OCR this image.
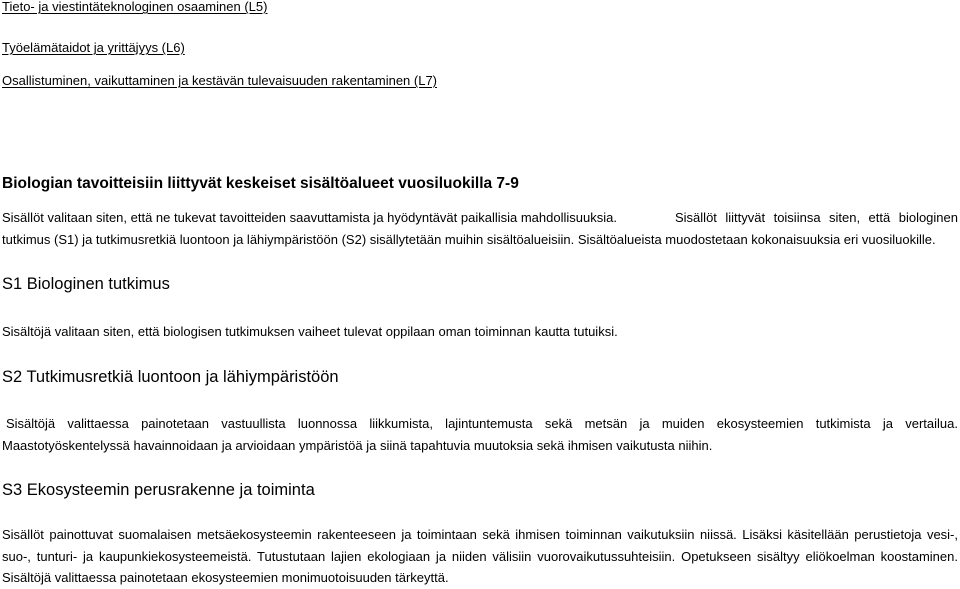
Tieto- ja viestintäteknologinen osaaminen (L5)

Työelämätaidot ja yrittäjyys (L6)

Osallistuminen, vaikuttaminen ja kestävän tulevaisuuden rakentaminen (L7)

Biologian tavoitteisiin liittyvät keskeiset sisältöalueet vuosiluokilla 7-9

Sisällöt valitaan siten, että ne tukevat tavoitteiden saavuttamista ja hyödyntävät paikallisia mahdollisuuksia.	Sisällöt liittyvät toisiinsa siten, että biologinen tutkimus (S1) ja tutkimusretkiä luontoon ja lähiympäristöön (S2) sisällytetään muihin sisältöalueisiin. Sisältöalueista muodostetaan kokonaisuuksia eri vuosiluokille.

S1 Biologinen tutkimus

Sisältöjä valitaan siten, että biologisen tutkimuksen vaiheet tulevat oppilaan oman toiminnan kautta tutuiksi.

S2 Tutkimusretkiä luontoon ja lähiympäristöön

Sisältöjä valittaessa painotetaan vastuullista luonnossa liikkumista, lajintuntemusta sekä metsän ja muiden ekosysteemien tutkimista ja vertailua. Maastotyöskentelyssä havainnoidaan ja arvioidaan ympäristöä ja siinä tapahtuvia muutoksia sekä ihmisen vaikutusta niihin.

S3 Ekosysteemin perusrakenne ja toiminta

Sisällöt painottuvat suomalaisen metsäekosysteemin rakenteeseen ja toimintaan sekä ihmisen toiminnan vaikutuksiin niissä. Lisäksi käsitellään perustietoja vesi-, suo-, tunturi- ja kaupunkiekosysteemeistä. Tutustutaan lajien ekologiaan ja niiden välisiin vuorovaikutussuhteisiin. Opetukseen sisältyy eliökoelman koostaminen. Sisältöjä valittaessa painotetaan ekosysteemien monimuotoisuuden tärkeyttä.
